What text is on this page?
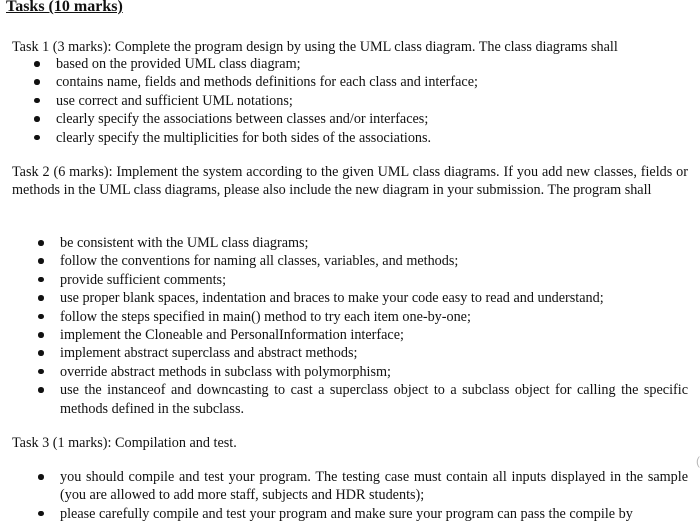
Tasks (10 marks)

Task 1 (3 marks): Complete the program design by using the UML class diagram. The class diagrams shall

based on the provided UML class diagram;
contains name, fields and methods definitions for each class and interface;
use correct and sufficient UML notations;
clearly specify the associations between classes and/or interfaces;
clearly specify the multiplicities for both sides of the associations.

Task 2 (6 marks): Implement the system according to the given UML class diagrams. If you add new classes, fields or methods in the UML class diagrams, please also include the new diagram in your submission. The program shall

be consistent with the UML class diagrams;
follow the conventions for naming all classes, variables, and methods;
provide sufficient comments;
use proper blank spaces, indentation and braces to make your code easy to read and understand;
follow the steps specified in main() method to try each item one-by-one;
implement the Cloneable and PersonalInformation interface;
implement abstract superclass and abstract methods;
override abstract methods in subclass with polymorphism;
use the instanceof and downcasting to cast a superclass object to a subclass object for calling the specific methods defined in the subclass.

Task 3 (1 marks): Compilation and test.

you should compile and test your program. The testing case must contain all inputs displayed in the sample (you are allowed to add more staff, subjects and HDR students);
please carefully compile and test your program and make sure your program can pass the compile by
(
